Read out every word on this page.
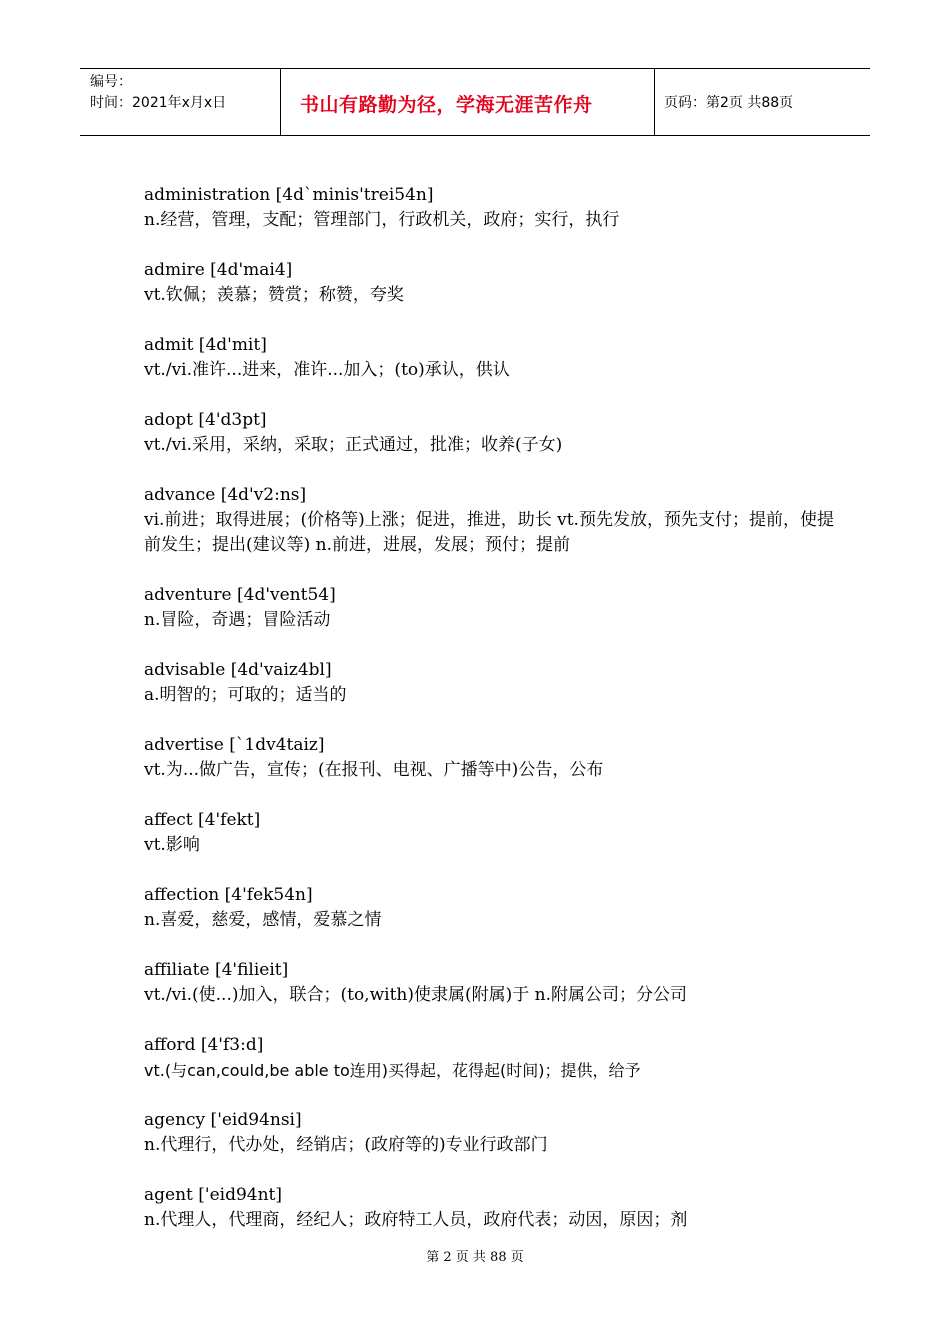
编号：
时间：2021年x月x日	书山有路勤为径，学海无涯苦作舟	页码：第2页 共88页

administration [4d`minis'trei54n]

n.经营，管理，支配；管理部门，行政机关，政府；实行，执行

admire [4d'mai4]

vt.钦佩；羡慕；赞赏；称赞，夸奖

admit [4d'mit]

vt./vi.准许...进来，准许...加入；(to)承认，供认

adopt [4'd3pt]

vt./vi.采用，采纳，采取；正式通过，批准；收养(子女)

advance [4d'v2:ns]

vi.前进；取得进展；(价格等)上涨；促进，推进，助长 vt.预先发放，预先支付；提前，使提前发生；提出(建议等) n.前进，进展，发展；预付；提前

adventure [4d'vent54]

n.冒险，奇遇；冒险活动

advisable [4d'vaiz4bl]

a.明智的；可取的；适当的

advertise [`1dv4taiz]

vt.为...做广告，宣传；(在报刊、电视、广播等中)公告，公布

affect [4'fekt]

vt.影响

affection [4'fek54n]

n.喜爱，慈爱，感情，爱慕之情

affiliate [4'filieit]

vt./vi.(使...)加入，联合；(to,with)使隶属(附属)于 n.附属公司；分公司

afford [4'f3:d]

vt.(与can,could,be able to连用)买得起，花得起(时间)；提供，给予

agency ['eid94nsi]

n.代理行，代办处，经销店；(政府等的)专业行政部门

agent ['eid94nt]

n.代理人，代理商，经纪人；政府特工人员，政府代表；动因，原因；剂

第 2 页 共 88 页
